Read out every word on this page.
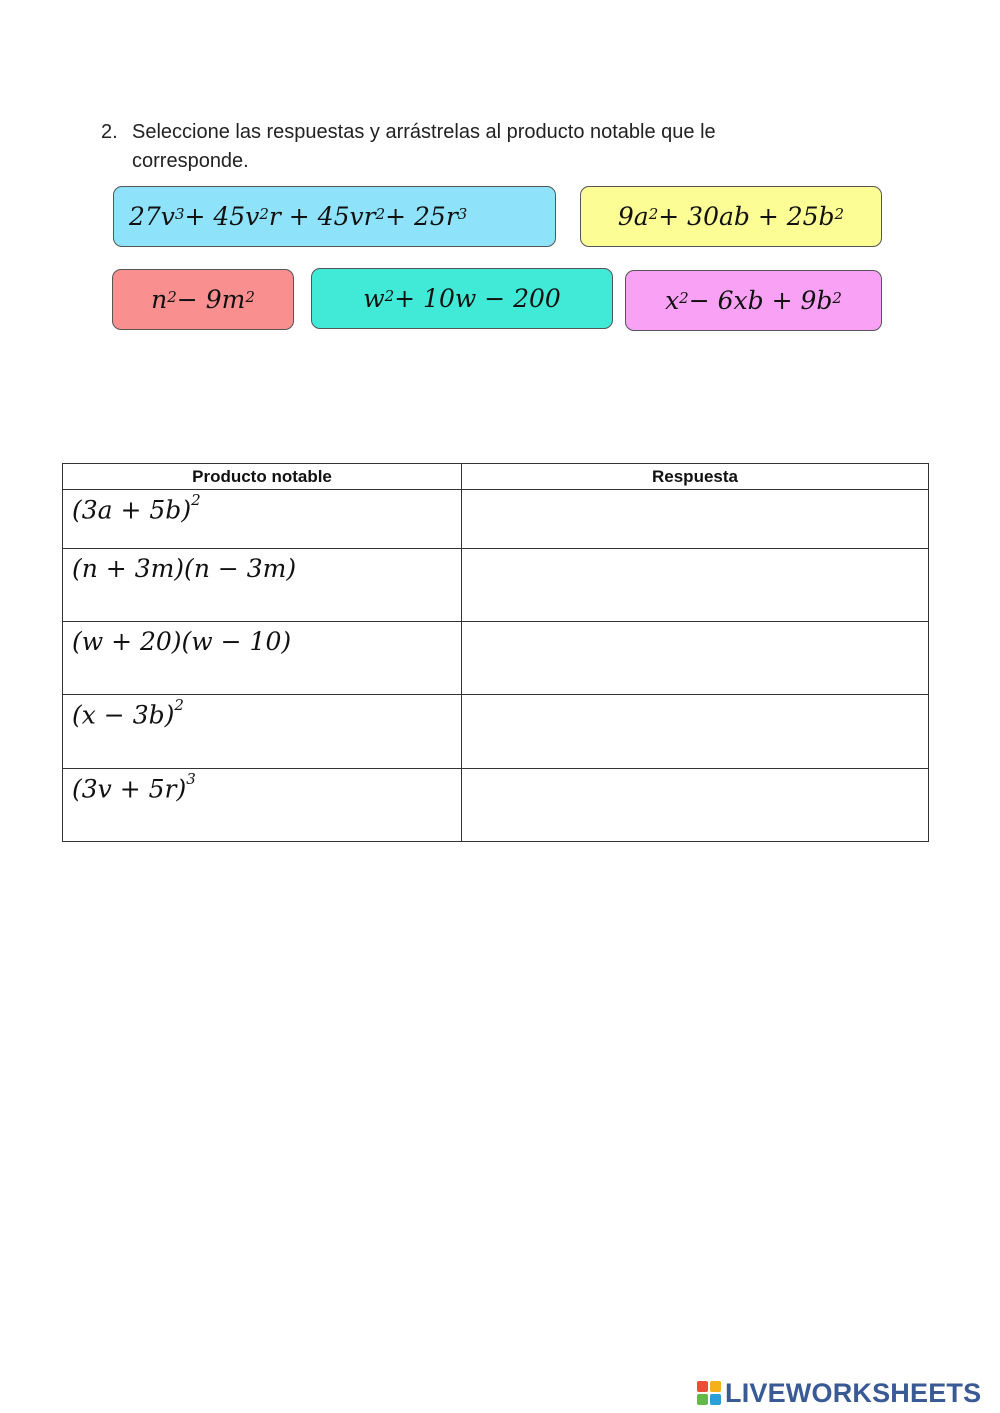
2. Seleccione las respuestas y arrástrelas al producto notable que le corresponde.
$27v^3 + 45v^2$ $r + 45vr^2 + 25r^3$	$9a^2 + 30ab + 25b^2$
$n^2 - 9m^2$	$w^2 + 10w - 200$	$x^2 - 6xb + 9b^2$
Producto notable	Respuesta
$(3a + 5b)^2$	
(n + 3m)(n − 3m)	
(w + 20)(w − 10)	
$(x - 3b)^2$	
$(3v + 5r)^3$	
LIVEWORKSHEETS
